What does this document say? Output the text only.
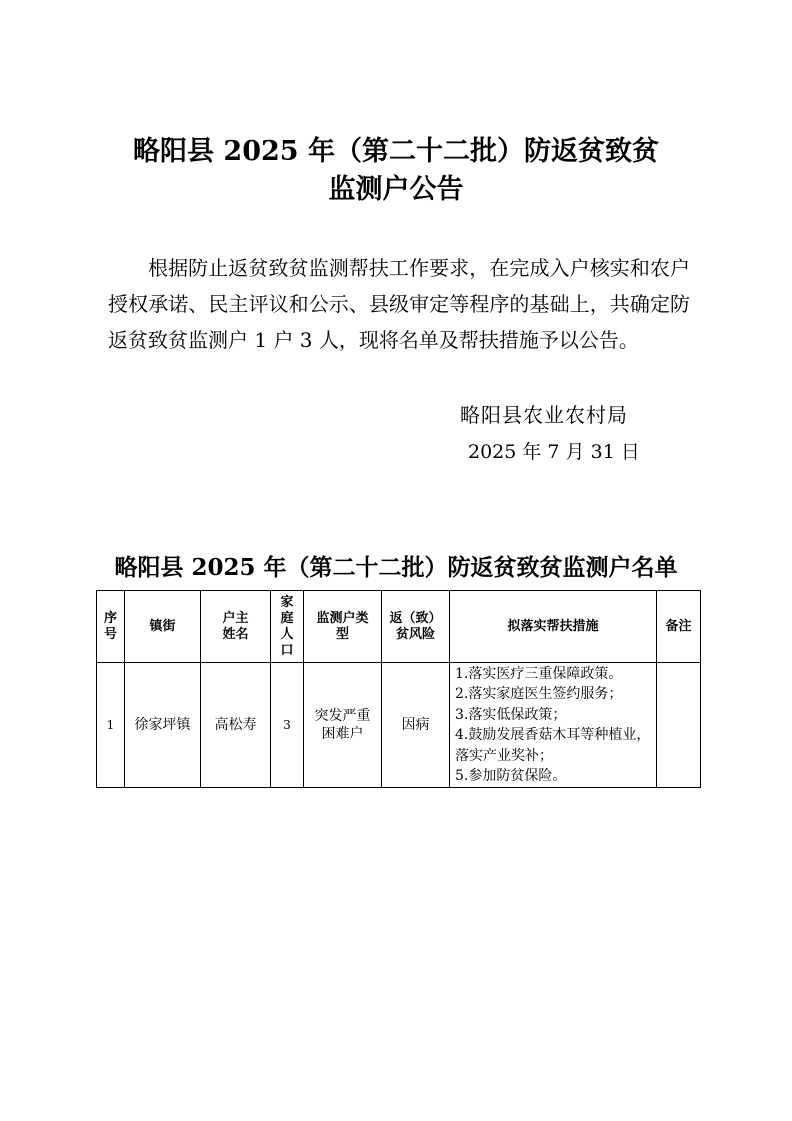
略阳县 2025 年（第二十二批）防返贫致贫
监测户公告

根据防止返贫致贫监测帮扶工作要求，在完成入户核实和农户授权承诺、民主评议和公示、县级审定等程序的基础上，共确定防返贫致贫监测户 1 户 3 人，现将名单及帮扶措施予以公告。

略阳县农业农村局
2025 年 7 月 31 日
略阳县 2025 年（第二十二批）防返贫致贫监测户名单
序号	镇街	户主姓名	家庭人口	监测户类型	返（致）贫风险	拟落实帮扶措施	备注

1	徐家坪镇	高松寿	3	突发严重困难户	因病	1.落实医疗三重保障政策。
2.落实家庭医生签约服务；
3.落实低保政策；
4.鼓励发展香菇木耳等种植业，落实产业奖补；
5.参加防贫保险。	
